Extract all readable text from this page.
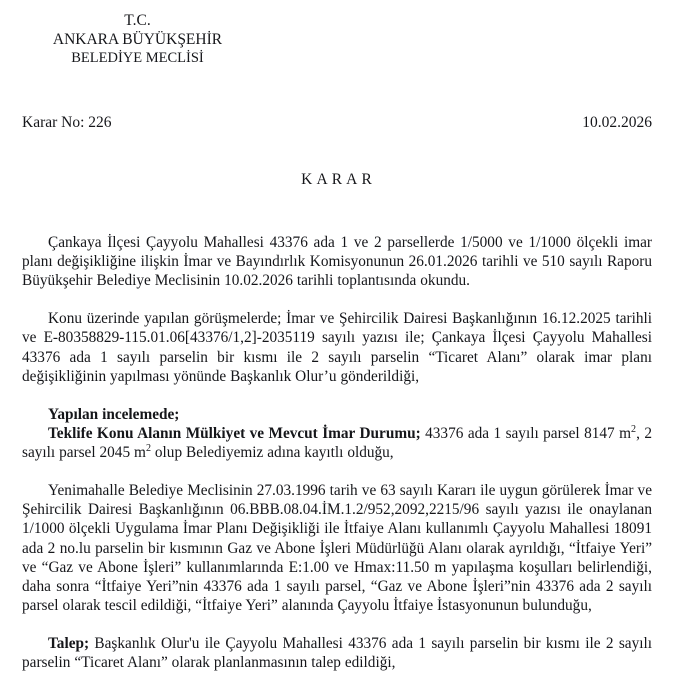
T.C.
ANKARA BÜYÜKŞEHİR
BELEDİYE MECLİSİ
Karar No: 226	10.02.2026
KARAR

Çankaya İlçesi Çayyolu Mahallesi 43376 ada 1 ve 2 parsellerde 1/5000 ve 1/1000 ölçekli imar planı değişikliğine ilişkin İmar ve Bayındırlık Komisyonunun 26.01.2026 tarihli ve 510 sayılı Raporu Büyükşehir Belediye Meclisinin 10.02.2026 tarihli toplantısında okundu.

Konu üzerinde yapılan görüşmelerde; İmar ve Şehircilik Dairesi Başkanlığının 16.12.2025 tarihli ve E-80358829-115.01.06[43376/1,2]-2035119 sayılı yazısı ile; Çankaya İlçesi Çayyolu Mahallesi 43376 ada 1 sayılı parselin bir kısmı ile 2 sayılı parselin “Ticaret Alanı” olarak imar planı değişikliğinin yapılması yönünde Başkanlık Olur’u gönderildiği,

Yapılan incelemede;

Teklife Konu Alanın Mülkiyet ve Mevcut İmar Durumu; 43376 ada 1 sayılı parsel 8147 $m^2$, 2 sayılı parsel 2045 $m^2$ olup Belediyemiz adına kayıtlı olduğu,

Yenimahalle Belediye Meclisinin 27.03.1996 tarih ve 63 sayılı Kararı ile uygun görülerek İmar ve Şehircilik Dairesi Başkanlığının 06.BBB.08.04.İM.1.2/952,2092,2215/96 sayılı yazısı ile onaylanan 1/1000 ölçekli Uygulama İmar Planı Değişikliği ile İtfaiye Alanı kullanımlı Çayyolu Mahallesi 18091 ada 2 no.lu parselin bir kısmının Gaz ve Abone İşleri Müdürlüğü Alanı olarak ayrıldığı, “İtfaiye Yeri” ve “Gaz ve Abone İşleri” kullanımlarında E:1.00 ve Hmax:11.50 m yapılaşma koşulları belirlendiği, daha sonra “İtfaiye Yeri”nin 43376 ada 1 sayılı parsel, “Gaz ve Abone İşleri”nin 43376 ada 2 sayılı parsel olarak tescil edildiği, “İtfaiye Yeri” alanında Çayyolu İtfaiye İstasyonunun bulunduğu,

Talep; Başkanlık Olur'u ile Çayyolu Mahallesi 43376 ada 1 sayılı parselin bir kısmı ile 2 sayılı parselin “Ticaret Alanı” olarak planlanmasının talep edildiği,
